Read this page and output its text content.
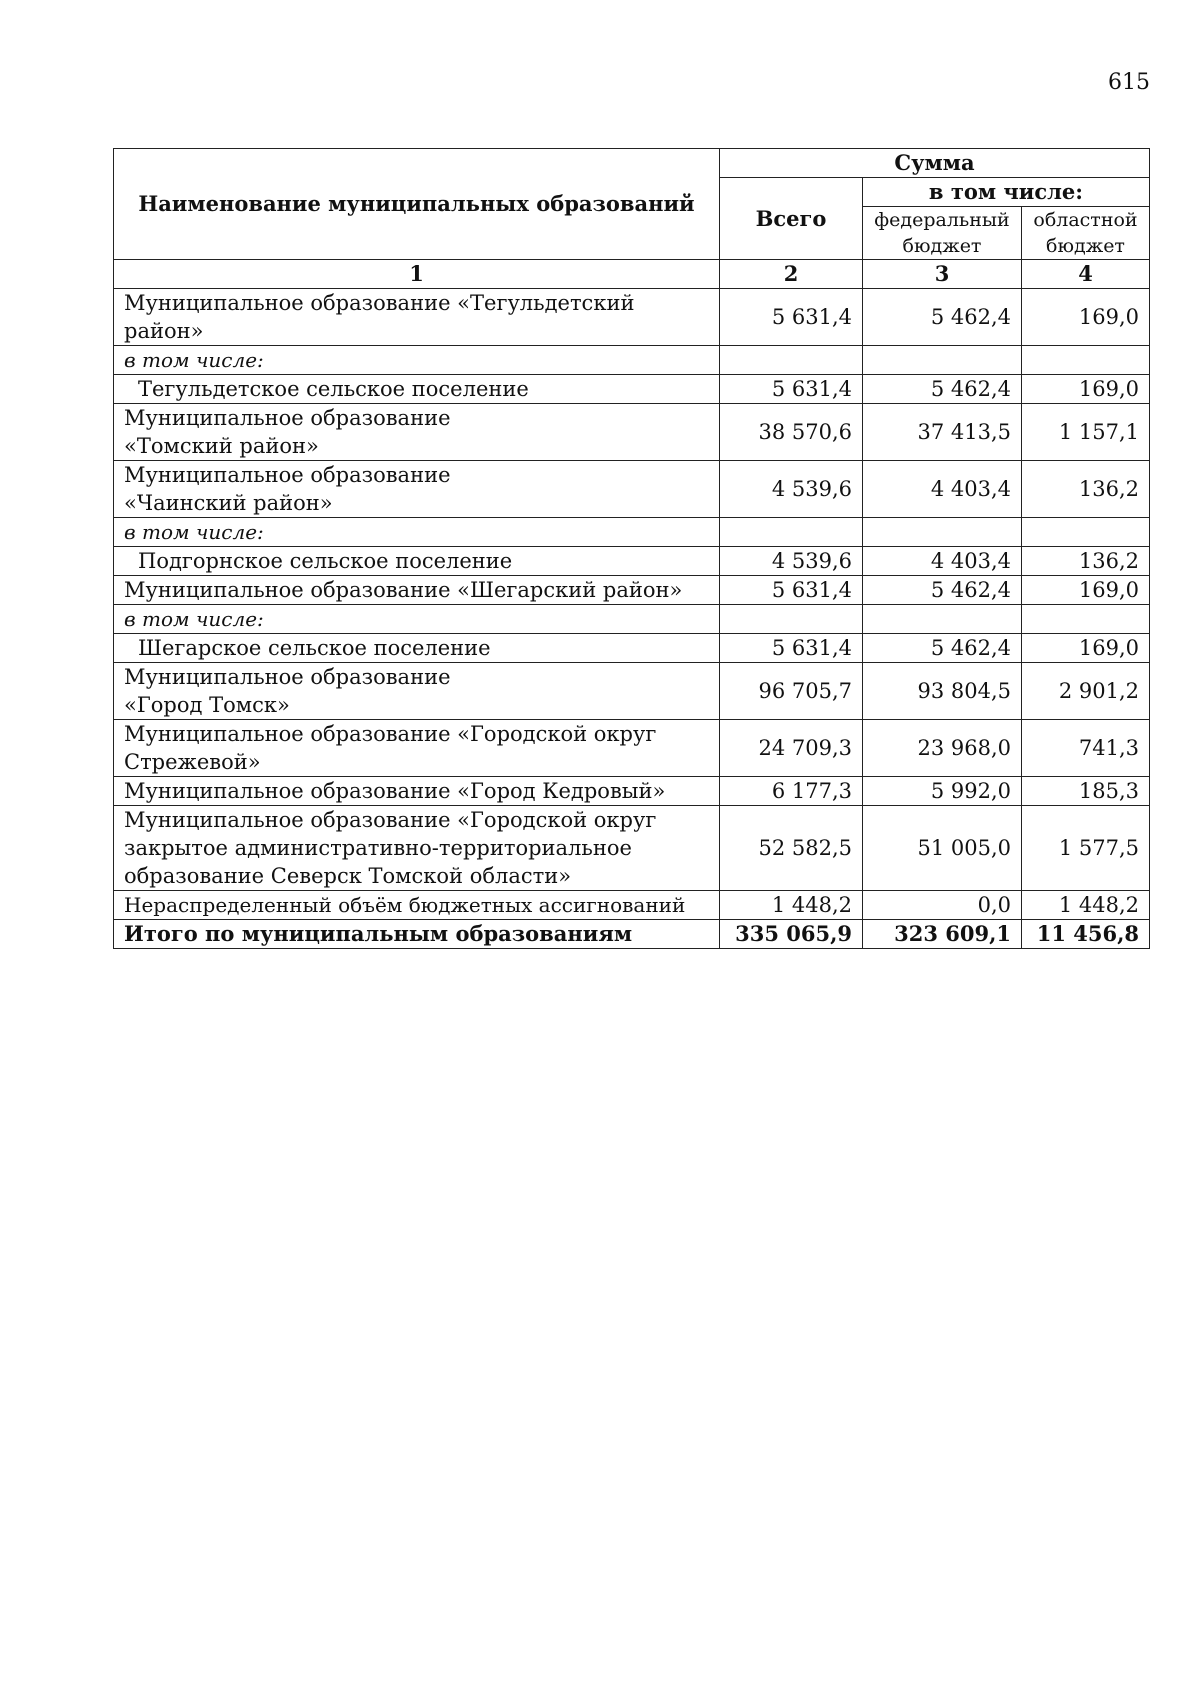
615
Наименование муниципальных образований	Сумма		
	Всего	в том числе:	
		федеральный бюджет	областной бюджет
1	2	3	4
Муниципальное образование «Тегульдетский район»	5 631,4	5 462,4	169,0
в том числе:			
Тегульдетское сельское поселение	5 631,4	5 462,4	169,0
Муниципальное образование
«Томский район»	38 570,6	37 413,5	1 157,1
Муниципальное образование
«Чаинский район»	4 539,6	4 403,4	136,2
в том числе:			
Подгорнское сельское поселение	4 539,6	4 403,4	136,2
Муниципальное образование «Шегарский район»	5 631,4	5 462,4	169,0
в том числе:			
Шегарское сельское поселение	5 631,4	5 462,4	169,0
Муниципальное образование
«Город Томск»	96 705,7	93 804,5	2 901,2
Муниципальное образование «Городской округ
Стрежевой»	24 709,3	23 968,0	741,3
Муниципальное образование «Город Кедровый»	6 177,3	5 992,0	185,3
Муниципальное образование «Городской округ
закрытое административно-территориальное
образование Северск Томской области»	52 582,5	51 005,0	1 577,5
Нераспределенный объём бюджетных ассигнований	1 448,2	0,0	1 448,2
Итого по муниципальным образованиям	335 065,9	323 609,1	11 456,8
